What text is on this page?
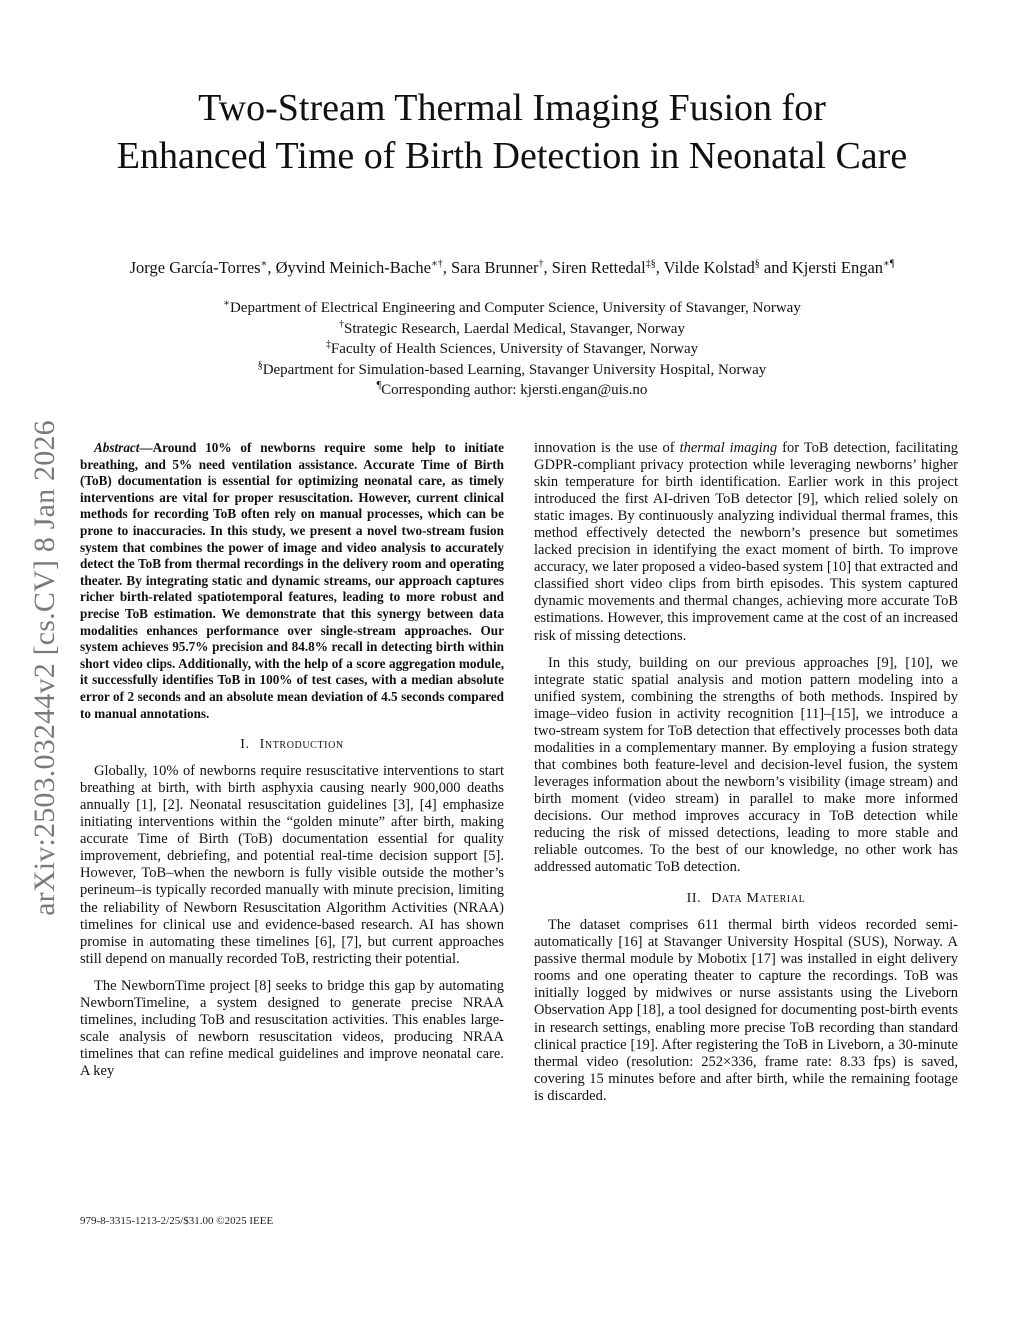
arXiv:2503.03244v2 [cs.CV] 8 Jan 2026
Two-Stream Thermal Imaging Fusion for
Enhanced Time of Birth Detection in Neonatal Care
Jorge García-Torres∗, Øyvind Meinich-Bache∗†, Sara Brunner†, Siren Rettedal‡§, Vilde Kolstad§ and Kjersti Engan∗¶
∗Department of Electrical Engineering and Computer Science, University of Stavanger, Norway
†Strategic Research, Laerdal Medical, Stavanger, Norway
‡Faculty of Health Sciences, University of Stavanger, Norway
§Department for Simulation-based Learning, Stavanger University Hospital, Norway
¶Corresponding author: kjersti.engan@uis.no

Abstract—Around 10% of newborns require some help to initiate breathing, and 5% need ventilation assistance. Accurate Time of Birth (ToB) documentation is essential for optimizing neonatal care, as timely interventions are vital for proper resuscitation. However, current clinical methods for recording ToB often rely on manual processes, which can be prone to inaccuracies. In this study, we present a novel two-stream fusion system that combines the power of image and video analysis to accurately detect the ToB from thermal recordings in the delivery room and operating theater. By integrating static and dynamic streams, our approach captures richer birth-related spatiotemporal features, leading to more robust and precise ToB estimation. We demonstrate that this synergy between data modalities enhances performance over single-stream approaches. Our system achieves 95.7% precision and 84.8% recall in detecting birth within short video clips. Additionally, with the help of a score aggregation module, it successfully identifies ToB in 100% of test cases, with a median absolute error of 2 seconds and an absolute mean deviation of 4.5 seconds compared to manual annotations.

I. Introduction

Globally, 10% of newborns require resuscitative interventions to start breathing at birth, with birth asphyxia causing nearly 900,000 deaths annually [1], [2]. Neonatal resuscitation guidelines [3], [4] emphasize initiating interventions within the “golden minute” after birth, making accurate Time of Birth (ToB) documentation essential for quality improvement, debriefing, and potential real-time decision support [5]. However, ToB–when the newborn is fully visible outside the mother’s perineum–is typically recorded manually with minute precision, limiting the reliability of Newborn Resuscitation Algorithm Activities (NRAA) timelines for clinical use and evidence-based research. AI has shown promise in automating these timelines [6], [7], but current approaches still depend on manually recorded ToB, restricting their potential.

The NewbornTime project [8] seeks to bridge this gap by automating NewbornTimeline, a system designed to generate precise NRAA timelines, including ToB and resuscitation activities. This enables large-scale analysis of newborn resuscitation videos, producing NRAA timelines that can refine medical guidelines and improve neonatal care. A key

innovation is the use of thermal imaging for ToB detection, facilitating GDPR-compliant privacy protection while leveraging newborns’ higher skin temperature for birth identification. Earlier work in this project introduced the first AI-driven ToB detector [9], which relied solely on static images. By continuously analyzing individual thermal frames, this method effectively detected the newborn’s presence but sometimes lacked precision in identifying the exact moment of birth. To improve accuracy, we later proposed a video-based system [10] that extracted and classified short video clips from birth episodes. This system captured dynamic movements and thermal changes, achieving more accurate ToB estimations. However, this improvement came at the cost of an increased risk of missing detections.

In this study, building on our previous approaches [9], [10], we integrate static spatial analysis and motion pattern modeling into a unified system, combining the strengths of both methods. Inspired by image–video fusion in activity recognition [11]–[15], we introduce a two-stream system for ToB detection that effectively processes both data modalities in a complementary manner. By employing a fusion strategy that combines both feature-level and decision-level fusion, the system leverages information about the newborn’s visibility (image stream) and birth moment (video stream) in parallel to make more informed decisions. Our method improves accuracy in ToB detection while reducing the risk of missed detections, leading to more stable and reliable outcomes. To the best of our knowledge, no other work has addressed automatic ToB detection.

II. Data Material

The dataset comprises 611 thermal birth videos recorded semi-automatically [16] at Stavanger University Hospital (SUS), Norway. A passive thermal module by Mobotix [17] was installed in eight delivery rooms and one operating theater to capture the recordings. ToB was initially logged by midwives or nurse assistants using the Liveborn Observation App [18], a tool designed for documenting post-birth events in research settings, enabling more precise ToB recording than standard clinical practice [19]. After registering the ToB in Liveborn, a 30-minute thermal video (resolution: 252×336, frame rate: 8.33 fps) is saved, covering 15 minutes before and after birth, while the remaining footage is discarded.

979-8-3315-1213-2/25/$31.00 ©2025 IEEE
